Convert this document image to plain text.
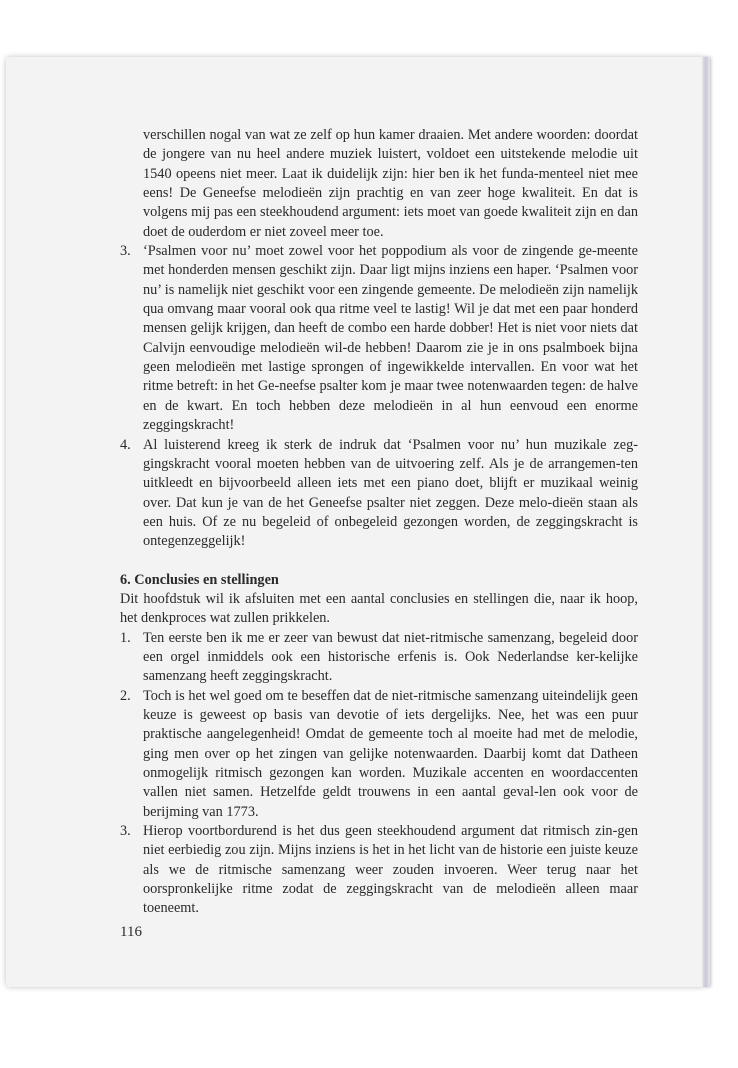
verschillen nogal van wat ze zelf op hun kamer draaien. Met andere woorden: doordat de jongere van nu heel andere muziek luistert, voldoet een uitstekende melodie uit 1540 opeens niet meer. Laat ik duidelijk zijn: hier ben ik het funda-menteel niet mee eens! De Geneefse melodieën zijn prachtig en van zeer hoge kwaliteit. En dat is volgens mij pas een steekhoudend argument: iets moet van goede kwaliteit zijn en dan doet de ouderdom er niet zoveel meer toe.

3. ‘Psalmen voor nu’ moet zowel voor het poppodium als voor de zingende ge-meente met honderden mensen geschikt zijn. Daar ligt mijns inziens een haper. ‘Psalmen voor nu’ is namelijk niet geschikt voor een zingende gemeente. De melodieën zijn namelijk qua omvang maar vooral ook qua ritme veel te lastig! Wil je dat met een paar honderd mensen gelijk krijgen, dan heeft de combo een harde dobber! Het is niet voor niets dat Calvijn eenvoudige melodieën wil-de hebben! Daarom zie je in ons psalmboek bijna geen melodieën met lastige sprongen of ingewikkelde intervallen. En voor wat het ritme betreft: in het Ge-neefse psalter kom je maar twee notenwaarden tegen: de halve en de kwart. En toch hebben deze melodieën in al hun eenvoud een enorme zeggingskracht!
4. Al luisterend kreeg ik sterk de indruk dat ‘Psalmen voor nu’ hun muzikale zeg-gingskracht vooral moeten hebben van de uitvoering zelf. Als je de arrangemen-ten uitkleedt en bijvoorbeeld alleen iets met een piano doet, blijft er muzikaal weinig over. Dat kun je van de het Geneefse psalter niet zeggen. Deze melo-dieën staan als een huis. Of ze nu begeleid of onbegeleid gezongen worden, de zeggingskracht is ontegenzeggelijk!

6. Conclusies en stellingen

Dit hoofdstuk wil ik afsluiten met een aantal conclusies en stellingen die, naar ik hoop, het denkproces wat zullen prikkelen.

1. Ten eerste ben ik me er zeer van bewust dat niet-ritmische samenzang, begeleid door een orgel inmiddels ook een historische erfenis is. Ook Nederlandse ker-kelijke samenzang heeft zeggingskracht.
2. Toch is het wel goed om te beseffen dat de niet-ritmische samenzang uiteindelijk geen keuze is geweest op basis van devotie of iets dergelijks. Nee, het was een puur praktische aangelegenheid! Omdat de gemeente toch al moeite had met de melodie, ging men over op het zingen van gelijke notenwaarden. Daarbij komt dat Datheen onmogelijk ritmisch gezongen kan worden. Muzikale accenten en woordaccenten vallen niet samen. Hetzelfde geldt trouwens in een aantal geval-len ook voor de berijming van 1773.
3. Hierop voortbordurend is het dus geen steekhoudend argument dat ritmisch zin-gen niet eerbiedig zou zijn. Mijns inziens is het in het licht van de historie een juiste keuze als we de ritmische samenzang weer zouden invoeren. Weer terug naar het oorspronkelijke ritme zodat de zeggingskracht van de melodieën alleen maar toeneemt.
116
